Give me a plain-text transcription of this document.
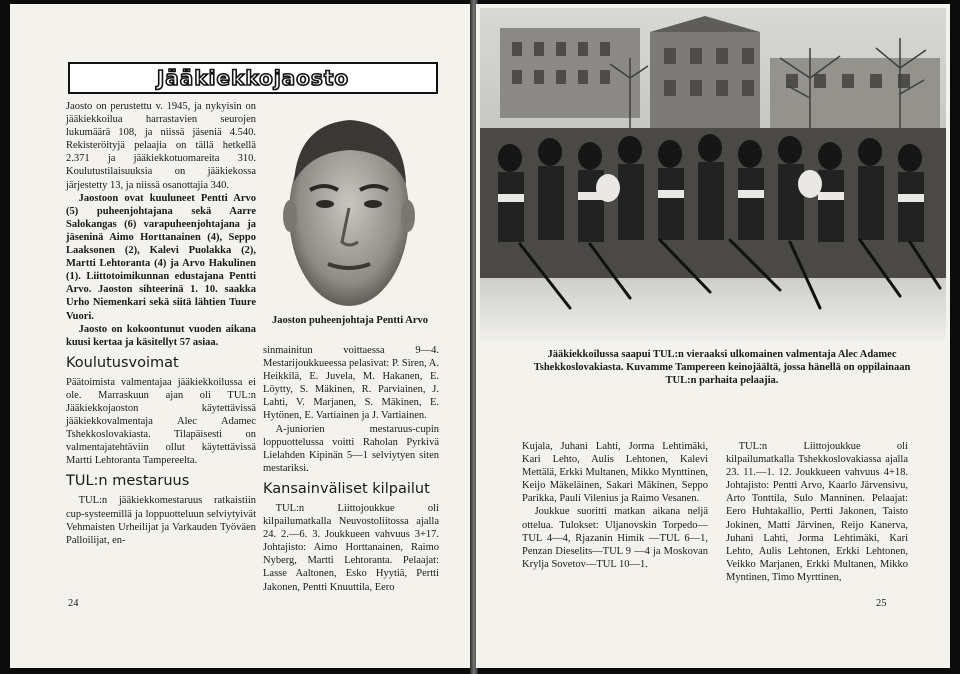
Jääkiekkojaosto

Jaosto on perustettu v. 1945, ja nykyisin on jääkiekkoilua harrastavien seurojen lukumäärä 108, ja niissä jäseniä 4.540. Rekisteröityjä pelaajia on tällä hetkellä 2.371 ja jääkiekkotuomareita 310. Koulutustilaisuuksia on jääkiekossa järjestetty 13, ja niissä osanottajia 340.

Jaostoon ovat kuuluneet Pentti Arvo (5) puheenjohtajana sekä Aarre Salokangas (6) varapuheenjohtajana ja jäseninä Aimo Horttanainen (4), Seppo Laaksonen (2), Kalevi Puolakka (2), Martti Lehtoranta (4) ja Arvo Hakulinen (1). Liittotoimikunnan edustajana Pentti Arvo. Jaoston sihteerinä 1. 10. saakka Urho Niemenkari sekä siitä lähtien Tuure Vuori.

Jaosto on kokoontunut vuoden aikana kuusi kertaa ja käsitellyt 57 asiaa.

Koulutusvoimat

Päätoimista valmentajaa jääkiekkoilussa ei ole. Marraskuun ajan oli TUL:n Jääkiekkojaoston käytettävissä jääkiekkovalmentaja Alec Adamec Tshekkoslovakiasta. Tilapäisesti on valmentajatehtäviin ollut käytettävissä Martti Lehtoranta Tampereelta.

TUL:n mestaruus

TUL:n jääkiekkomestaruus ratkaistiin cup-systeemillä ja loppuotteluun selviytyivät Vehmaisten Urheilijat ja Varkauden Työväen Palloilijat, en-

Jaoston puheenjohtaja Pentti Arvo

sinmainitun voittaessa 9—4. Mestarijoukkueessa pelasivat: P. Siren, A. Heikkilä, E. Juvela, M. Hakanen, E. Löytty, S. Mäkinen, R. Parviainen, J. Lahti, V. Marjanen, S. Mäkinen, E. Hytönen, E. Vartiainen ja J. Vartiainen.

A-juniorien mestaruus-cupin loppuottelussa voitti Raholan Pyrkivä Lielahden Kipinän 5—1 selviytyen siten mestariksi.

Kansainväliset kilpailut

TUL:n Liittojoukkue oli kilpailumatkalla Neuvostoliitossa ajalla 24. 2.—6. 3. Joukkueen vahvuus 3+17. Johtajisto: Aimo Horttanainen, Raimo Nyberg, Martti Lehtoranta. Pelaajat: Lasse Aaltonen, Esko Hyytiä, Pertti Jakonen, Pentti Knuuttila, Eero

24
Jääkiekkoilussa saapui TUL:n vieraaksi ulkomainen valmentaja Alec Adamec Tshekkoslovakiasta. Kuvamme Tampereen keinojäältä, jossa hänellä on oppilainaan TUL:n parhaita pelaajia.

Kujala, Juhani Lahti, Jorma Lehtimäki, Kari Lehto, Aulis Lehtonen, Kalevi Mettälä, Erkki Multanen, Mikko Mynttinen, Keijo Mäkeläinen, Sakari Mäkinen, Seppo Parikka, Pauli Vilenius ja Raimo Vesanen.

Joukkue suoritti matkan aikana neljä ottelua. Tulokset: Uljanovskin Torpedo—TUL 4—4, Rjazanin Himik —TUL 6—1, Penzan Dieselits—TUL 9 —4 ja Moskovan Krylja Sovetov—TUL 10—1.

TUL:n Liittojoukkue oli kilpailumatkalla Tshekkoslovakiassa ajalla 23. 11.—1. 12. Joukkueen vahvuus 4+18. Johtajisto: Pentti Arvo, Kaarlo Järvensivu, Arto Tonttila, Sulo Manninen. Pelaajat: Eero Huhtakallio, Pertti Jakonen, Taisto Jokinen, Matti Järvinen, Reijo Kanerva, Juhani Lahti, Jorma Lehtimäki, Kari Lehto, Aulis Lehtonen, Erkki Lehtonen, Veikko Marjanen, Erkki Multanen, Mikko Myntinen, Timo Myrttinen,

25
